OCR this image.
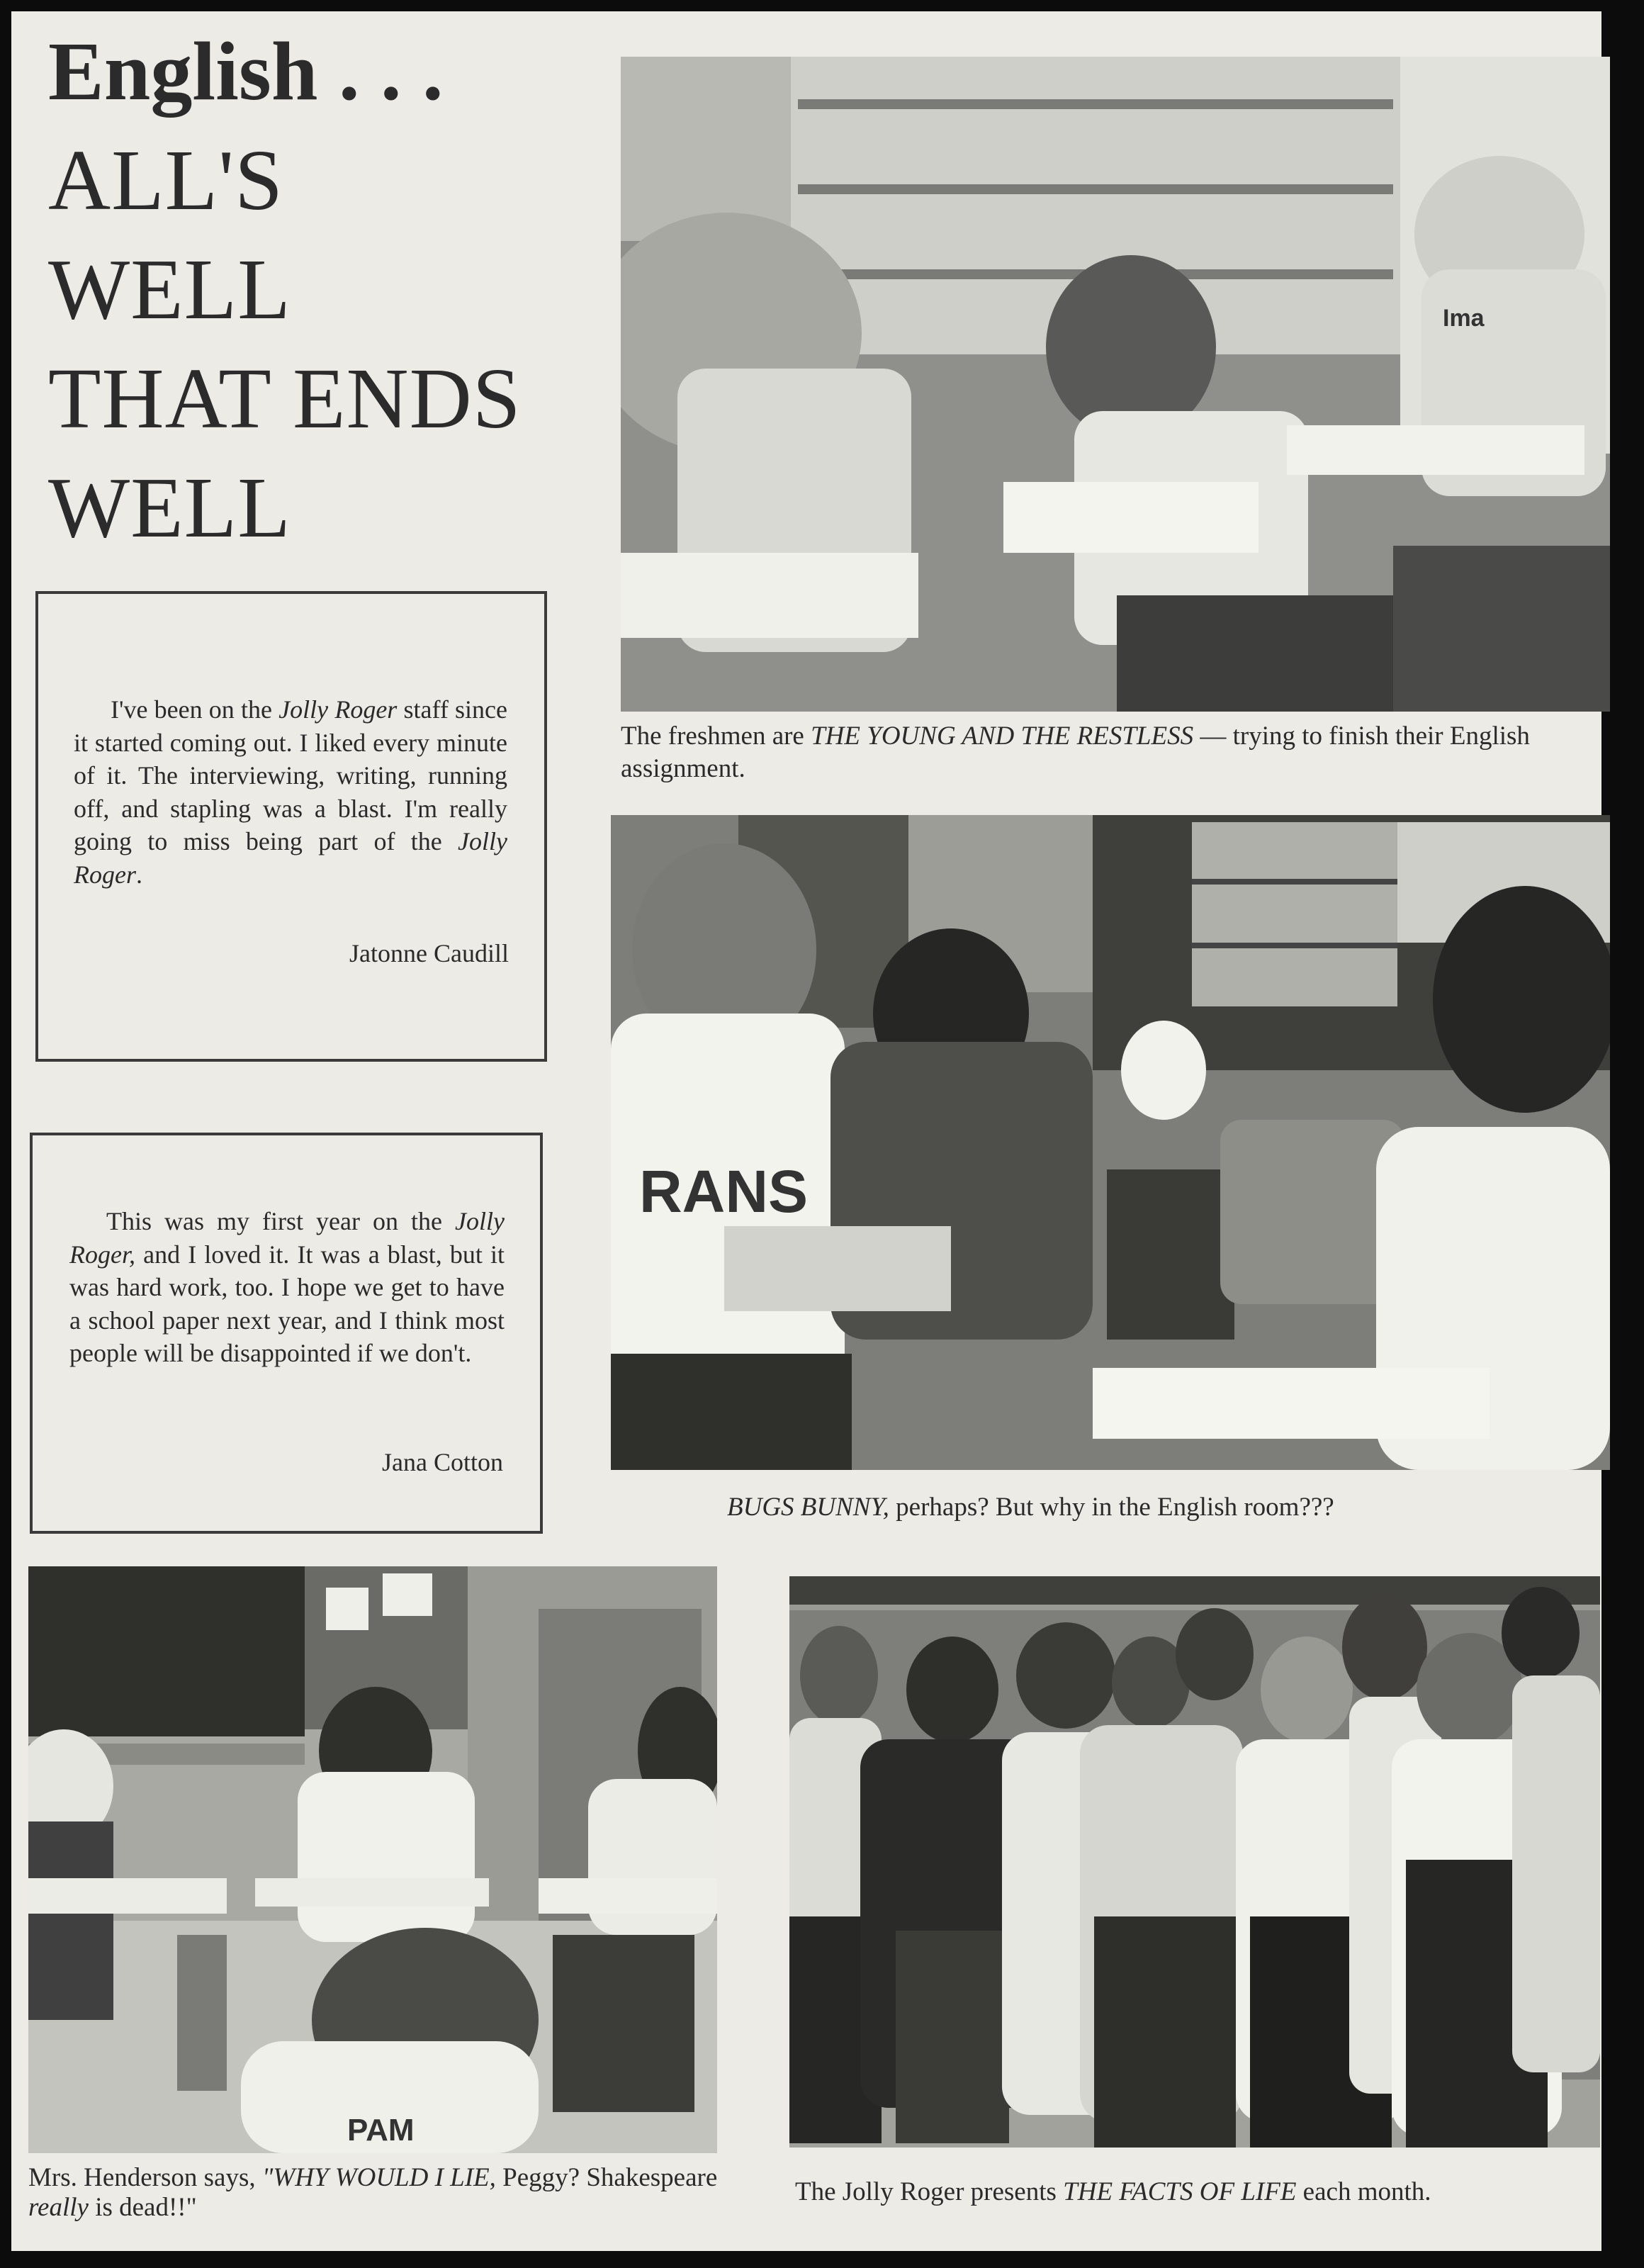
English . . .
ALL'S
WELL
THAT ENDS
WELL
Ima
The freshmen are THE YOUNG AND THE RESTLESS — trying to finish their English assignment.
I've been on the Jolly Roger staff since it started coming out. I liked every minute of it. The interviewing, writing, running off, and stapling was a blast. I'm really going to miss being part of the Jolly Roger.
Jatonne Caudill
RANS
BUGS BUNNY, perhaps? But why in the English room???
This was my first year on the Jolly Roger, and I loved it. It was a blast, but it was hard work, too. I hope we get to have a school paper next year, and I think most people will be disappointed if we don't.
Jana Cotton
PAM
Mrs. Henderson says, "WHY WOULD I LIE, Peggy? Shakespeare really is dead!!"
The Jolly Roger presents THE FACTS OF LIFE each month.
